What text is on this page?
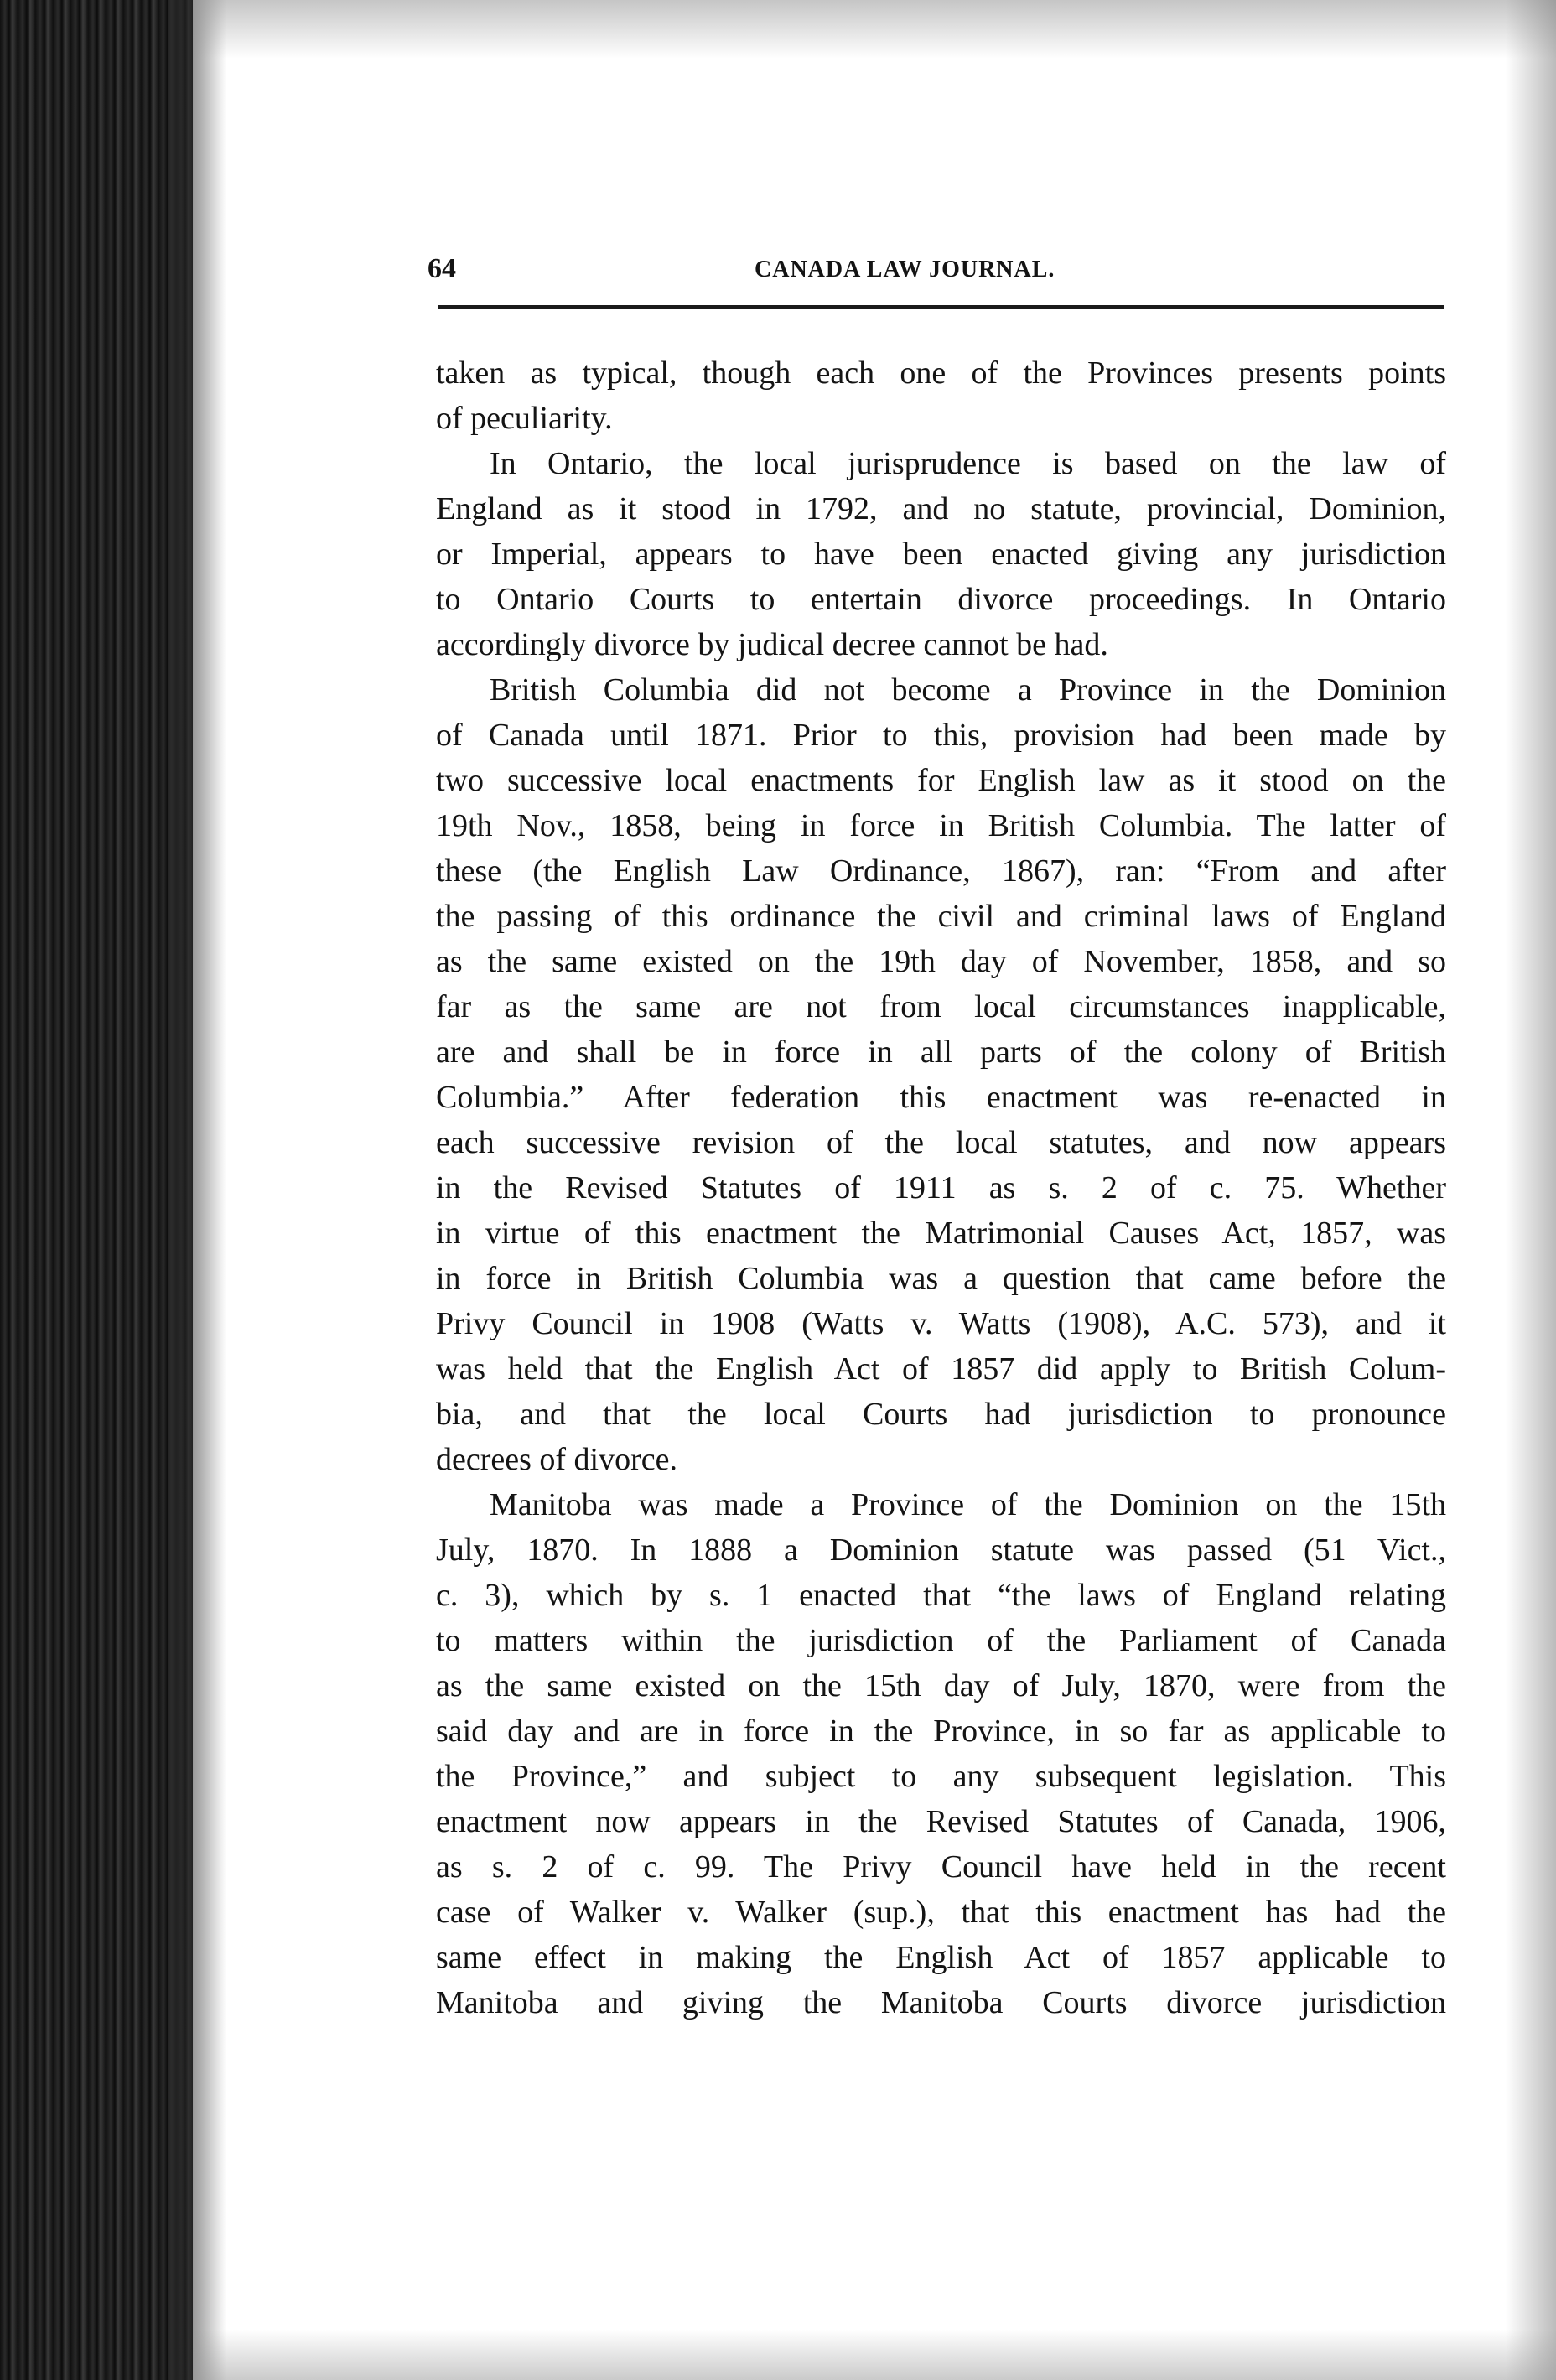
64	CANADA LAW JOURNAL.
taken as typical, though each one of the Provinces presents points
of peculiarity.
In Ontario, the local jurisprudence is based on the law of
England as it stood in 1792, and no statute, provincial, Dominion,
or Imperial, appears to have been enacted giving any jurisdiction
to Ontario Courts to entertain divorce proceedings. In Ontario
accordingly divorce by judical decree cannot be had.
British Columbia did not become a Province in the Dominion
of Canada until 1871. Prior to this, provision had been made by
two successive local enactments for English law as it stood on the
19th Nov., 1858, being in force in British Columbia. The latter of
these (the English Law Ordinance, 1867), ran: “From and after
the passing of this ordinance the civil and criminal laws of England
as the same existed on the 19th day of November, 1858, and so
far as the same are not from local circumstances inapplicable,
are and shall be in force in all parts of the colony of British
Columbia.” After federation this enactment was re-enacted in
each successive revision of the local statutes, and now appears
in the Revised Statutes of 1911 as s. 2 of c. 75. Whether
in virtue of this enactment the Matrimonial Causes Act, 1857, was
in force in British Columbia was a question that came before the
Privy Council in 1908 (Watts v. Watts (1908), A.C. 573), and it
was held that the English Act of 1857 did apply to British Colum-
bia, and that the local Courts had jurisdiction to pronounce
decrees of divorce.
Manitoba was made a Province of the Dominion on the 15th
July, 1870. In 1888 a Dominion statute was passed (51 Vict.,
c. 3), which by s. 1 enacted that “the laws of England relating
to matters within the jurisdiction of the Parliament of Canada
as the same existed on the 15th day of July, 1870, were from the
said day and are in force in the Province, in so far as applicable to
the Province,” and subject to any subsequent legislation. This
enactment now appears in the Revised Statutes of Canada, 1906,
as s. 2 of c. 99. The Privy Council have held in the recent
case of Walker v. Walker (sup.), that this enactment has had the
same effect in making the English Act of 1857 applicable to
Manitoba and giving the Manitoba Courts divorce jurisdiction
